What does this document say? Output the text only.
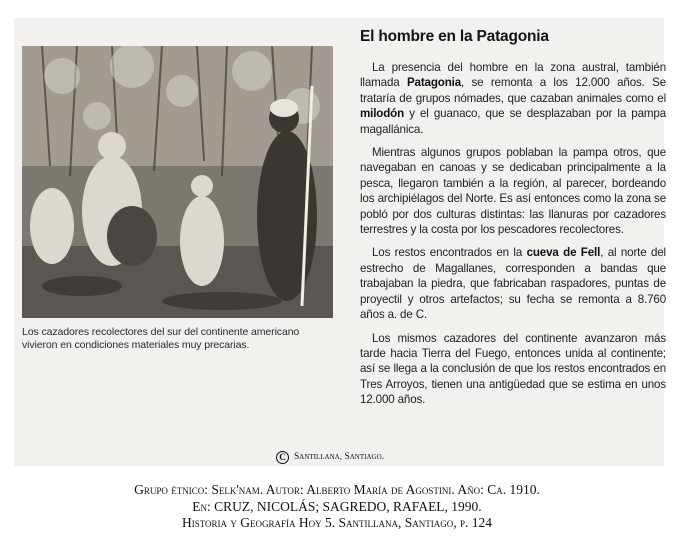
Los cazadores recolectores del sur del continente americano
vivieron en condiciones materiales muy precarias.
El hombre en la Patagonia

La presencia del hombre en la zona austral, también llamada Patagonia, se remonta a los 12.000 años. Se trataría de grupos nómades, que cazaban animales como el milodón y el guanaco, que se desplazaban por la pampa magallánica.

Mientras algunos grupos poblaban la pampa otros, que navegaban en canoas y se dedicaban principalmente a la pesca, llegaron también a la región, al parecer, bordeando los archipiélagos del Norte. Es así entonces como la zona se pobló por dos culturas distintas: las llanuras por cazadores terrestres y la costa por los pescadores recolectores.

Los restos encontrados en la cueva de Fell, al norte del estrecho de Magallanes, corresponden a bandas que trabajaban la piedra, que fabricaban raspadores, puntas de proyectil y otros artefactos; su fecha se remonta a 8.760 años a. de C.

Los mismos cazadores del continente avanzaron más tarde hacia Tierra del Fuego, entonces unida al continente; así se llega a la conclusión de que los restos encontrados en Tres Arroyos, tienen una antigüedad que se estima en unos 12.000 años.

C Santillana, Santiago.
Grupo étnico: Selk'nam. Autor: Alberto María de Agostini. Año: Ca. 1910.
En: CRUZ, NICOLÁS; SAGREDO, RAFAEL, 1990.
Historia y Geografía Hoy 5. Santillana, Santiago, p. 124
